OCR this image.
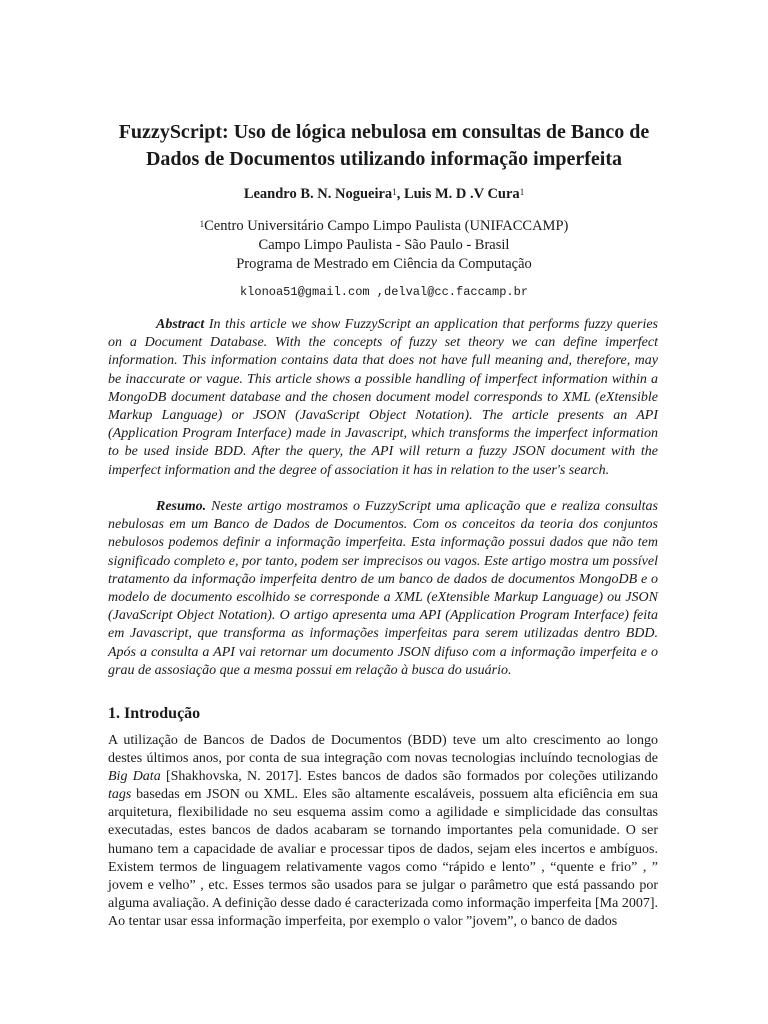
FuzzyScript: Uso de lógica nebulosa em consultas de Banco de
Dados de Documentos utilizando informação imperfeita
Leandro B. N. Nogueira$^1$, Luis M. D .V Cura$^1$
$^1$Centro Universitário Campo Limpo Paulista (UNIFACCAMP)
Campo Limpo Paulista - São Paulo - Brasil
Programa de Mestrado em Ciência da Computação
klonoa51@gmail.com ,delval@cc.faccamp.br

Abstract In this article we show FuzzyScript an application that performs fuzzy queries on a Document Database. With the concepts of fuzzy set theory we can define imperfect information. This information contains data that does not have full meaning and, therefore, may be inaccurate or vague. This article shows a possible handling of imperfect information within a MongoDB document database and the chosen document model corresponds to XML (eXtensible Markup Language) or JSON (JavaScript Object Notation). The article presents an API (Application Program Interface) made in Javascript, which transforms the imperfect information to be used inside BDD. After the query, the API will return a fuzzy JSON document with the imperfect information and the degree of association it has in relation to the user's search.

Resumo. Neste artigo mostramos o FuzzyScript uma aplicação que e realiza consultas nebulosas em um Banco de Dados de Documentos. Com os conceitos da teoria dos conjuntos nebulosos podemos definir a informação imperfeita. Esta informação possui dados que não tem significado completo e, por tanto, podem ser imprecisos ou vagos. Este artigo mostra um possível tratamento da informação imperfeita dentro de um banco de dados de documentos MongoDB e o modelo de documento escolhido se corresponde a XML (eXtensible Markup Language) ou JSON (JavaScript Object Notation). O artigo apresenta uma API (Application Program Interface) feita em Javascript, que transforma as informações imperfeitas para serem utilizadas dentro BDD. Após a consulta a API vai retornar um documento JSON difuso com a informação imperfeita e o grau de assosiação que a mesma possui em relação à busca do usuário.

1. Introdução

A utilização de Bancos de Dados de Documentos (BDD) teve um alto crescimento ao longo destes últimos anos, por conta de sua integração com novas tecnologias incluíndo tecnologias de Big Data [Shakhovska, N. 2017]. Estes bancos de dados são formados por coleções utilizando tags basedas em JSON ou XML. Eles são altamente escaláveis, possuem alta eficiência em sua arquitetura, flexibilidade no seu esquema assim como a agilidade e simplicidade das consultas executadas, estes bancos de dados acabaram se tornando importantes pela comunidade. O ser humano tem a capacidade de avaliar e processar tipos de dados, sejam eles incertos e ambíguos. Existem termos de linguagem relativamente vagos como “rápido e lento” , “quente e frio” , ” jovem e velho” , etc. Esses termos são usados para se julgar o parâmetro que está passando por alguma avaliação. A definição desse dado é caracterizada como informação imperfeita [Ma 2007]. Ao tentar usar essa informação imperfeita, por exemplo o valor ”jovem”, o banco de dados
